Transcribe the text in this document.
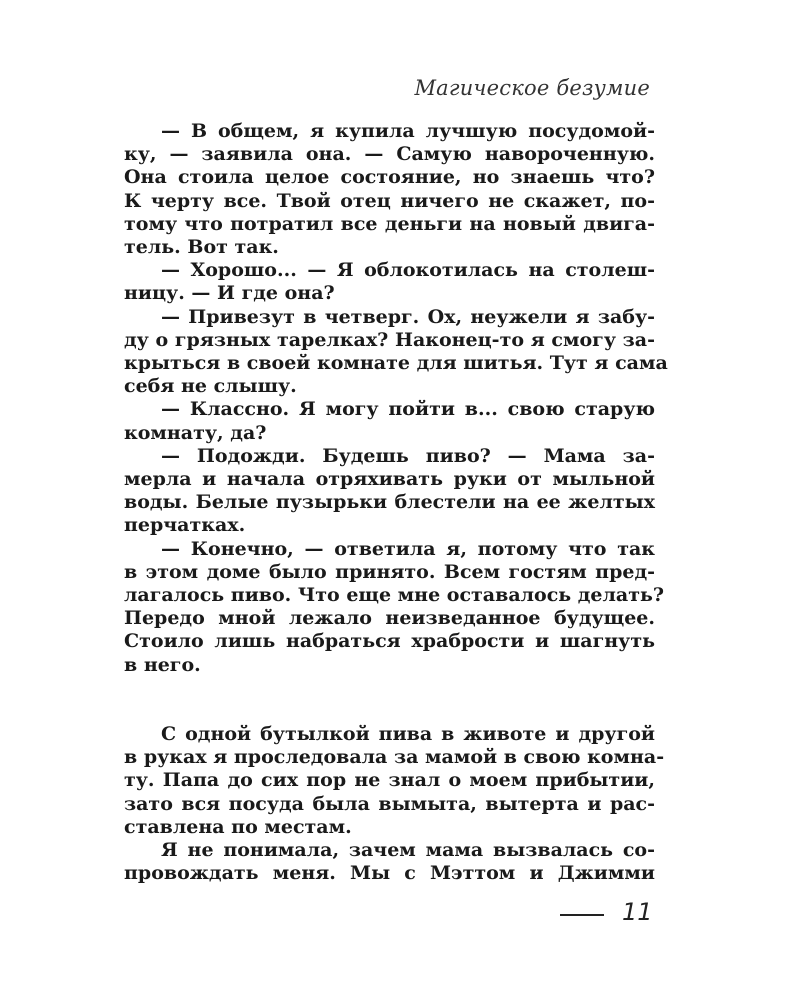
Магическое безумие

— В общем, я купила лучшую посудомой-
ку, — заявила она. — Самую навороченную.
Она стоила целое состояние, но знаешь что?
К черту все. Твой отец ничего не скажет, по-
тому что потратил все деньги на новый двига-
тель. Вот так.

— Хорошо... — Я облокотилась на столеш-
ницу. — И где она?

— Привезут в четверг. Ох, неужели я забу-
ду о грязных тарелках? Наконец-то я смогу за-
крыться в своей комнате для шитья. Тут я сама
себя не слышу.

— Классно. Я могу пойти в... свою старую
комнату, да?

— Подожди. Будешь пиво? — Мама за-
мерла и начала отряхивать руки от мыльной
воды. Белые пузырьки блестели на ее желтых
перчатках.

— Конечно, — ответила я, потому что так
в этом доме было принято. Всем гостям пред-
лагалось пиво. Что еще мне оставалось делать?
Передо мной лежало неизведанное будущее.
Стоило лишь набраться храбрости и шагнуть
в него.

С одной бутылкой пива в животе и другой
в руках я проследовала за мамой в свою комна-
ту. Папа до сих пор не знал о моем прибытии,
зато вся посуда была вымыта, вытерта и рас-
ставлена по местам.

Я не понимала, зачем мама вызвалась со-
провождать меня. Мы с Мэттом и Джимми

11
